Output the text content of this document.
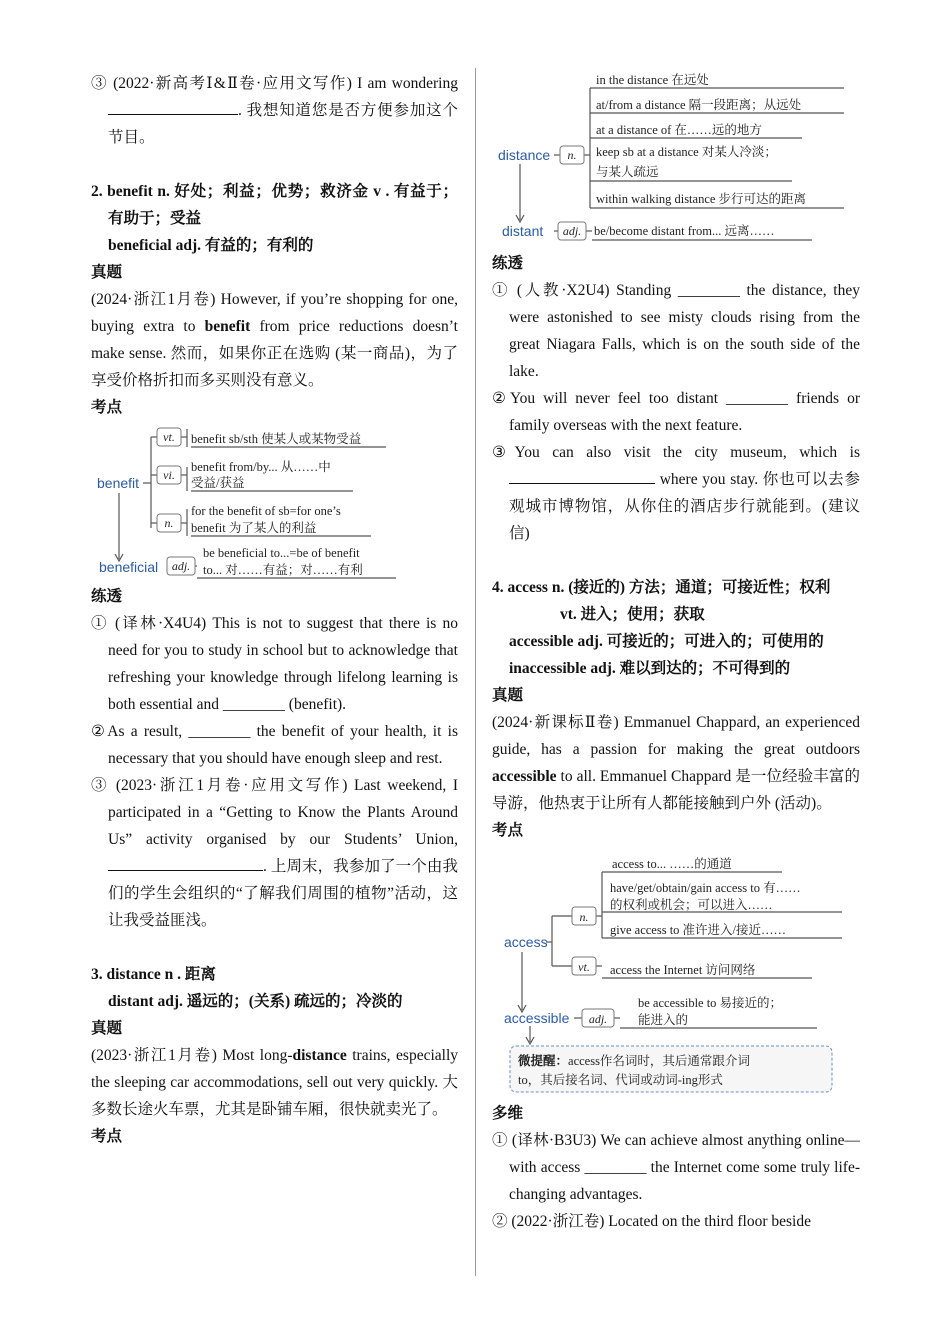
③ (2022·新高考Ⅰ&Ⅱ卷·应用文写作) I am wondering . 我想知道您是否方便参加这个节目。

2. benefit n. 好处；利益；优势；救济金 v . 有益于；有助于；受益

beneficial adj. 有益的；有利的

真题

(2024·浙江1月卷) However, if you’re shopping for one, buying extra to benefit from price reductions doesn’t make sense. 然而，如果你正在选购 (某一商品)，为了享受价格折扣而多买则没有意义。

考点

vt.
vi.
n.
adj.
benefit
beneficial
benefit sb/sth 使某人或某物受益
benefit from/by... 从……中
受益/获益
for the benefit of sb=for one’s
benefit 为了某人的利益
be beneficial to...=be of benefit
to... 对……有益；对……有利

练透

① (译林·X4U4) This is not to suggest that there is no need for you to study in school but to acknowledge that refreshing your knowledge through lifelong learning is both essential and ________ (benefit).

②As a result, ________ the benefit of your health, it is necessary that you should have enough sleep and rest.

③ (2023·浙江1月卷·应用文写作) Last weekend, I participated in a “Getting to Know the Plants Around Us” activity organised by our Students’ Union, . 上周末，我参加了一个由我们的学生会组织的“了解我们周围的植物”活动，这让我受益匪浅。

3. distance n . 距离

distant adj. 遥远的；(关系) 疏远的；冷淡的

真题

(2023·浙江1月卷) Most long-distance trains, especially the sleeping car accommodations, sell out very quickly. 大多数长途火车票，尤其是卧铺车厢，很快就卖光了。

考点

n.
adj.
distance
distant
in the distance 在远处
at/from a distance 隔一段距离；从远处
at a distance of 在……远的地方
keep sb at a distance 对某人冷淡；
与某人疏远
within walking distance 步行可达的距离
be/become distant from... 远离……

练透

① (人教·X2U4) Standing ________ the distance, they were astonished to see misty clouds rising from the great Niagara Falls, which is on the south side of the lake.

②You will never feel too distant ________ friends or family overseas with the next feature.

③You can also visit the city museum, which is  where you stay. 你也可以去参观城市博物馆，从你住的酒店步行就能到。(建议信)

4. access n. (接近的) 方法；通道；可接近性；权利

vt. 进入；使用；获取

accessible adj. 可接近的；可进入的；可使用的

inaccessible adj. 难以到达的；不可得到的

真题

(2024·新课标Ⅱ卷) Emmanuel Chappard, an experienced guide, has a passion for making the great outdoors accessible to all. Emmanuel Chappard 是一位经验丰富的导游，他热衷于让所有人都能接触到户外 (活动)。

考点

n.
vt.
adj.
access
accessible
access to... ……的通道
have/get/obtain/gain access to 有……
的权利或机会；可以进入……
give access to 准许进入/接近……
access the Internet 访问网络
be accessible to 易接近的；
能进入的
微提醒：access作名词时，其后通常跟介词
to，其后接名词、代词或动词-ing形式

多维

① (译林·B3U3) We can achieve almost anything online—with access ________ the Internet come some truly life-changing advantages.

② (2022·浙江卷) Located on the third floor beside
